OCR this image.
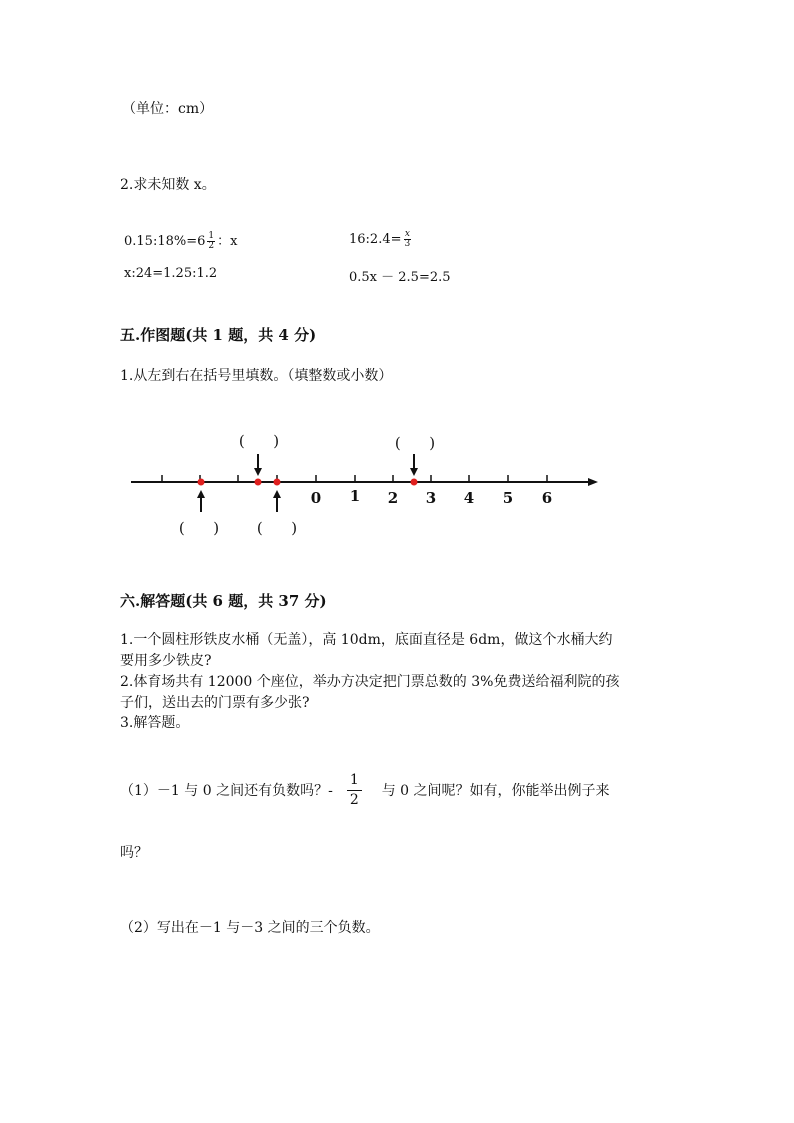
（单位：cm）
2.求未知数 x。
0.15:18%=6 $\frac{1}{2}$ ：x	16:2.4= $\frac{x}{3}$
x:24=1.25:1.2	0.5x － 2.5=2.5
五.作图题(共 1 题，共 4 分)
1.从左到右在括号里填数。（填整数或小数）
0 1 2 3 4 5 6
(      )	(      )
(      )	(      )
六.解答题(共 6 题，共 37 分)
1.一个圆柱形铁皮水桶（无盖），高 10dm，底面直径是 6dm，做这个水桶大约
要用多少铁皮?
2.体育场共有 12000 个座位，举办方决定把门票总数的 3%免费送给福利院的孩
子们，送出去的门票有多少张?
3.解答题。
（1）－1 与 0 之间还有负数吗？- $\frac{1}{2}$ 与 0 之间呢？如有，你能举出例子来
吗？
（2）写出在－1 与－3 之间的三个负数。
